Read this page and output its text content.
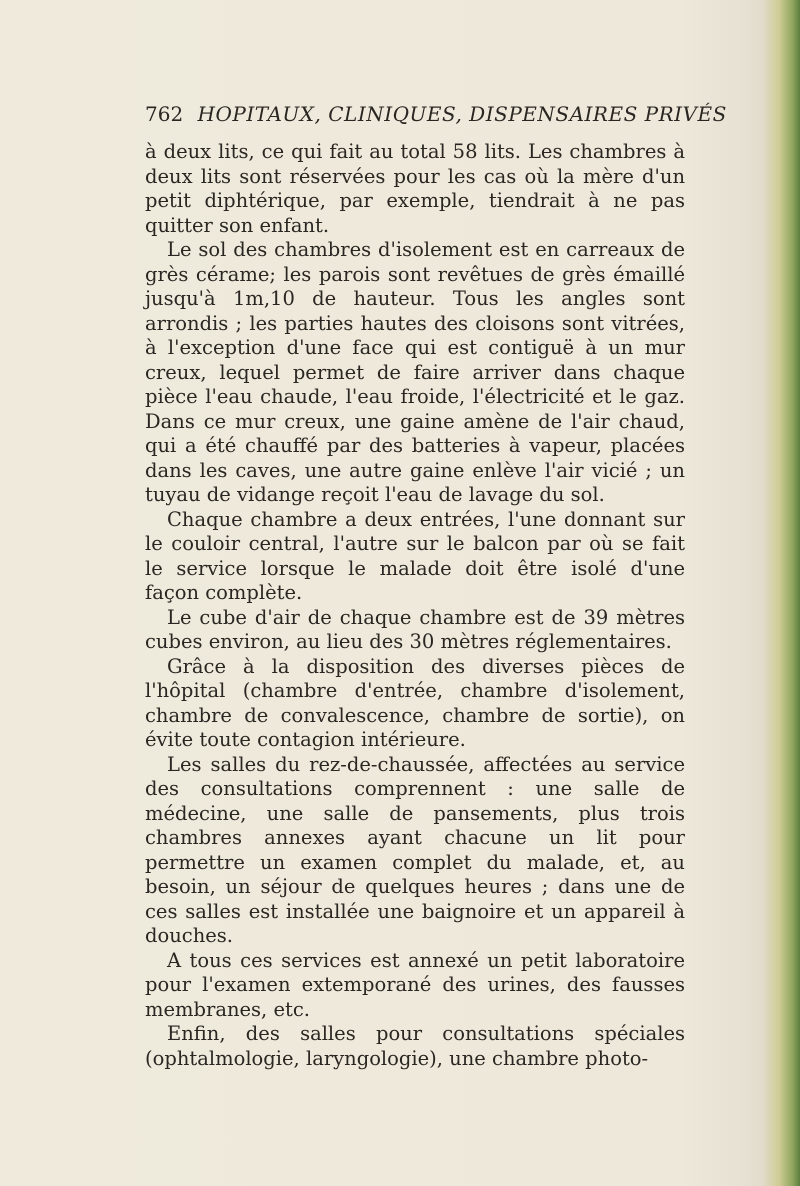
762 HOPITAUX, CLINIQUES, DISPENSAIRES PRIVÉS

à deux lits, ce qui fait au total 58 lits. Les chambres à deux lits sont réservées pour les cas où la mère d'un petit diphtérique, par exemple, tiendrait à ne pas quitter son enfant.

Le sol des chambres d'isolement est en carreaux de grès cérame; les parois sont revêtues de grès émaillé jusqu'à 1m,10 de hauteur. Tous les angles sont arrondis ; les parties hautes des cloisons sont vitrées, à l'exception d'une face qui est contiguë à un mur creux, lequel permet de faire arriver dans chaque pièce l'eau chaude, l'eau froide, l'électricité et le gaz. Dans ce mur creux, une gaine amène de l'air chaud, qui a été chauffé par des batteries à vapeur, placées dans les caves, une autre gaine enlève l'air vicié ; un tuyau de vidange reçoit l'eau de lavage du sol.

Chaque chambre a deux entrées, l'une donnant sur le couloir central, l'autre sur le balcon par où se fait le service lorsque le malade doit être isolé d'une façon complète.

Le cube d'air de chaque chambre est de 39 mètres cubes environ, au lieu des 30 mètres réglementaires.

Grâce à la disposition des diverses pièces de l'hôpital (chambre d'entrée, chambre d'isolement, chambre de convalescence, chambre de sortie), on évite toute contagion intérieure.

Les salles du rez-de-chaussée, affectées au service des consultations comprennent : une salle de médecine, une salle de pansements, plus trois chambres annexes ayant chacune un lit pour permettre un examen complet du malade, et, au besoin, un séjour de quelques heures ; dans une de ces salles est installée une baignoire et un appareil à douches.

A tous ces services est annexé un petit laboratoire pour l'examen extemporané des urines, des fausses membranes, etc.

Enfin, des salles pour consultations spéciales (ophtalmologie, laryngologie), une chambre photo-
